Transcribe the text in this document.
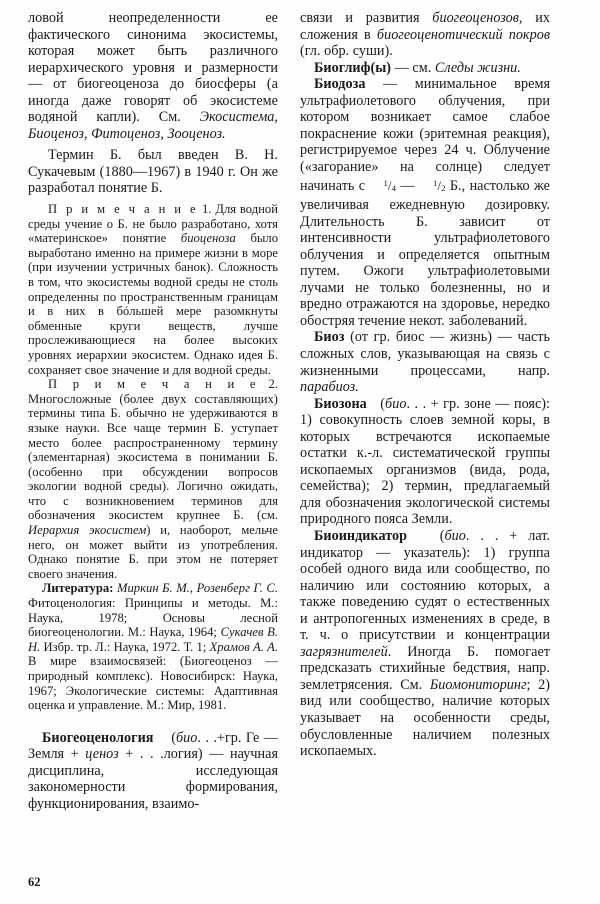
ловой неопределенности ее фактического синонима экосистемы, которая может быть различного иерархического уровня и размерности — от биогеоценоза до биосферы (а иногда даже говорят об экосистеме водяной капли). См. Экосистема, Биоценоз, Фитоценоз, Зооценоз.

Термин Б. был введен В. Н. Сукачевым (1880—1967) в 1940 г. Он же разработал понятие Б.

П р и м е ч а н и е 1. Для водной среды учение о Б. не было разработано, хотя «материнское» понятие биоценоза было выработано именно на примере жизни в море (при изучении устричных банок). Сложность в том, что экосистемы водной среды не столь определенны по пространственным границам и в них в бóльшей мере разомкнуты обменные круги веществ, лучше прослеживающиеся на более высоких уровнях иерархии экосистем. Однако идея Б. сохраняет свое значение и для водной среды.

П р и м е ч а н и е 2. Многосложные (более двух составляющих) термины типа Б. обычно не удерживаются в языке науки. Все чаще термин Б. уступает место более распространенному термину (элементарная) экосистема в понимании Б. (особенно при обсуждении вопросов экологии водной среды). Логично ожидать, что с возникновением терминов для обозначения экосистем крупнее Б. (см. Иерархия экосистем) и, наоборот, мельче него, он может выйти из употребления. Однако понятие Б. при этом не потеряет своего значения.

Литература: Миркин Б. М., Розенберг Г. С. Фитоценология: Принципы и методы. М.: Наука, 1978; Основы лесной биогеоценологии. М.: Наука, 1964; Сукачев В. Н. Избр. тр. Л.: Наука, 1972. Т. 1; Храмов А. А. В мире взаимосвязей: (Биогеоценоз — природный комплекс). Новосибирск: Наука, 1967; Экологические системы: Адаптивная оценка и управление. М.: Мир, 1981.

Биогеоценология (био. . .+гр. Ге — Земля + ценоз + . . .логия) — научная дисциплина, исследующая закономерности формирования, функционирования, взаимо-

связи и развития биогеоценозов, их сложения в биогеоценотический покров (гл. обр. суши).

Биоглиф(ы) — см. Следы жизни.

Биодоза — минимальное время ультрафиолетового облучения, при котором возникает самое слабое покраснение кожи (эритемная реакция), регистрируемое через 24 ч. Облучение («загорание» на солнце) следует начинать с $^1/_4$ — $^1/_2$ Б., настолько же увеличивая ежедневную дозировку. Длительность Б. зависит от интенсивности ультрафиолетового облучения и определяется опытным путем. Ожоги ультрафиолетовыми лучами не только болезненны, но и вредно отражаются на здоровье, нередко обостряя течение некот. заболеваний.

Биоз (от гр. биос — жизнь) — часть сложных слов, указывающая на связь с жизненными процессами, напр. парабиоз.

Биозона   (био. . . + гр. зоне — пояс): 1) совокупность слоев земной коры, в которых встречаются ископаемые остатки к.-л. систематической группы ископаемых организмов (вида, рода, семейства); 2) термин, предлагаемый для обозначения экологической системы природного пояса Земли.

Биоиндикатор   (био. . . + лат. индикатор — указатель): 1) группа особей одного вида или сообщество, по наличию или состоянию которых, а также поведению судят о естественных и антропогенных изменениях в среде, в т. ч. о присутствии и концентрации загрязнителей. Иногда Б. помогает предсказать стихийные бедствия, напр. землетрясения. См. Биомониторинг; 2) вид или сообщество, наличие которых указывает на особенности среды, обусловленные наличием полезных ископаемых.

62
